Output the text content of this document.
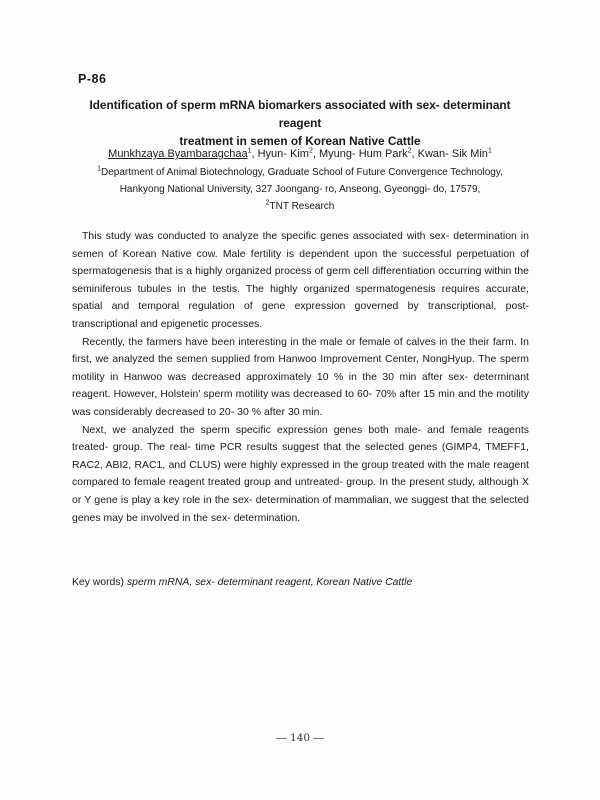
P-86
Identification of sperm mRNA biomarkers associated with sex- determinant reagent
treatment in semen of Korean Native Cattle
Munkhzaya Byambaragchaa$^1$, Hyun- Kim$^2$, Myung- Hum Park$^2$, Kwan- Sik Min$^1$
$^1$Department of Animal Biotechnology, Graduate School of Future Convergence Technology,
Hankyong National University, 327 Joongang- ro, Anseong, Gyeonggi- do, 17579,
$^2$TNT Research

This study was conducted to analyze the specific genes associated with sex- determination in semen of Korean Native cow. Male fertility is dependent upon the successful perpetuation of spermatogenesis that is a highly organized process of germ cell differentiation occurring within the seminiferous tubules in the testis. The highly organized spermatogenesis requires accurate, spatial and temporal regulation of gene expression governed by transcriptional, post- transcriptional and epigenetic processes.

Recently, the farmers have been interesting in the male or female of calves in the their farm. In first, we analyzed the semen supplied from Hanwoo Improvement Center, NongHyup. The sperm motility in Hanwoo was decreased approximately 10 % in the 30 min after sex- determinant reagent. However, Holstein' sperm motility was decreased to 60- 70% after 15 min and the motility was considerably decreased to 20- 30 % after 30 min.

Next, we analyzed the sperm specific expression genes both male- and female reagents treated- group. The real- time PCR results suggest that the selected genes (GIMP4, TMEFF1, RAC2, ABI2, RAC1, and CLUS) were highly expressed in the group treated with the male reagent compared to female reagent treated group and untreated- group. In the present study, although X or Y gene is play a key role in the sex- determination of mammalian, we suggest that the selected genes may be involved in the sex- determination.

Key words) sperm mRNA, sex- determinant reagent, Korean Native Cattle
― 140 ―
